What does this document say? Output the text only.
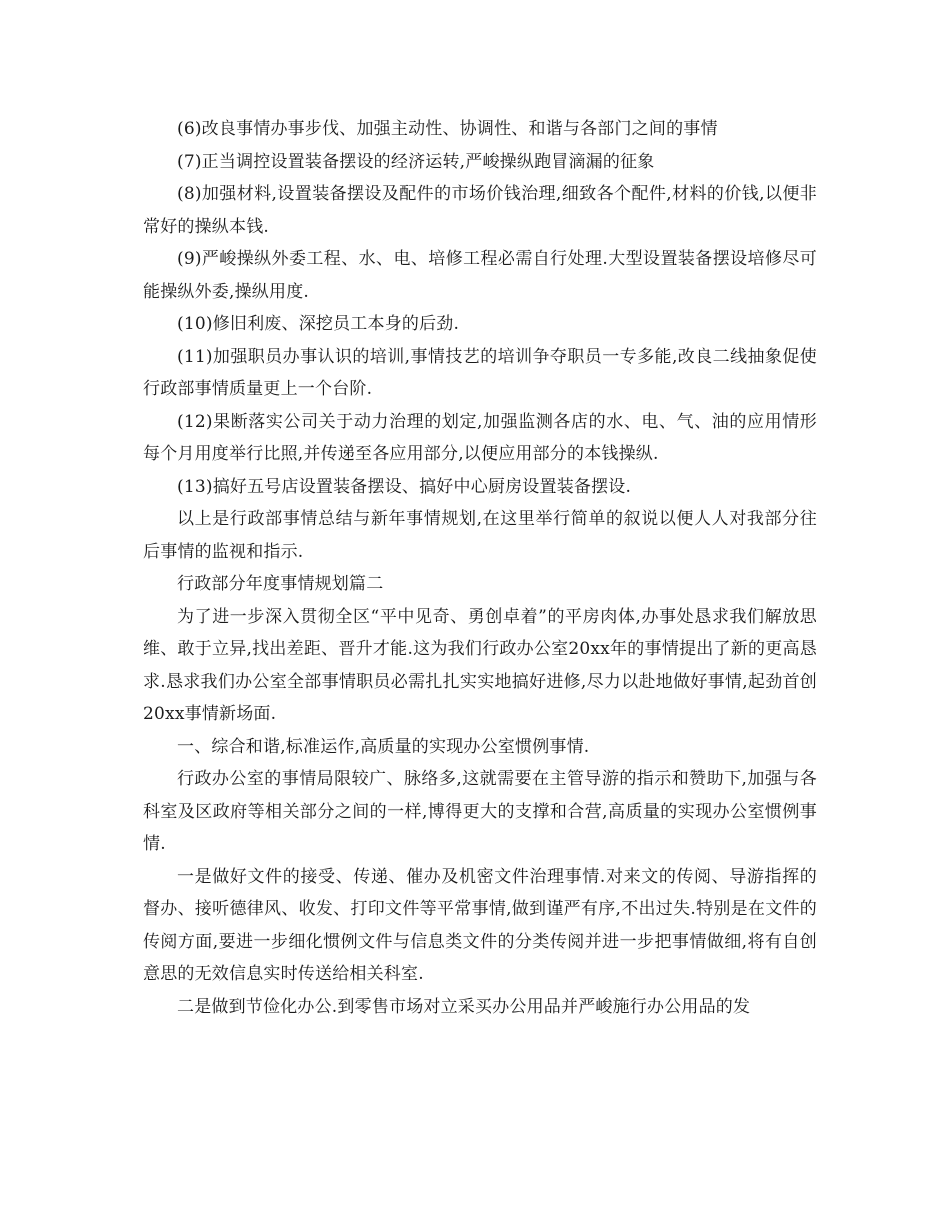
(6)改良事情办事步伐、加强主动性、协调性、和谐与各部门之间的事情

(7)正当调控设置装备摆设的经济运转,严峻操纵跑冒滴漏的征象

(8)加强材料,设置装备摆设及配件的市场价钱治理,细致各个配件,材料的价钱,以便非常好的操纵本钱.

(9)严峻操纵外委工程、水、电、培修工程必需自行处理.大型设置装备摆设培修尽可能操纵外委,操纵用度.

(10)修旧利废、深挖员工本身的后劲.

(11)加强职员办事认识的培训,事情技艺的培训争夺职员一专多能,改良二线抽象促使行政部事情质量更上一个台阶.

(12)果断落实公司关于动力治理的划定,加强监测各店的水、电、气、油的应用情形每个月用度举行比照,并传递至各应用部分,以便应用部分的本钱操纵.

(13)搞好五号店设置装备摆设、搞好中心厨房设置装备摆设.

以上是行政部事情总结与新年事情规划,在这里举行简单的叙说以便人人对我部分往后事情的监视和指示.

行政部分年度事情规划篇二

为了进一步深入贯彻全区“平中见奇、勇创卓着”的平房肉体,办事处恳求我们解放思维、敢于立异,找出差距、晋升才能.这为我们行政办公室20xx年的事情提出了新的更高恳求.恳求我们办公室全部事情职员必需扎扎实实地搞好进修,尽力以赴地做好事情,起劲首创20xx事情新场面.

一、综合和谐,标准运作,高质量的实现办公室惯例事情.

行政办公室的事情局限较广、脉络多,这就需要在主管导游的指示和赞助下,加强与各科室及区政府等相关部分之间的一样,博得更大的支撑和合营,高质量的实现办公室惯例事情.

一是做好文件的接受、传递、催办及机密文件治理事情.对来文的传阅、导游指挥的督办、接听德律风、收发、打印文件等平常事情,做到谨严有序,不出过失.特别是在文件的传阅方面,要进一步细化惯例文件与信息类文件的分类传阅并进一步把事情做细,将有自创意思的无效信息实时传送给相关科室.

二是做到节俭化办公.到零售市场对立采买办公用品并严峻施行办公用品的发
